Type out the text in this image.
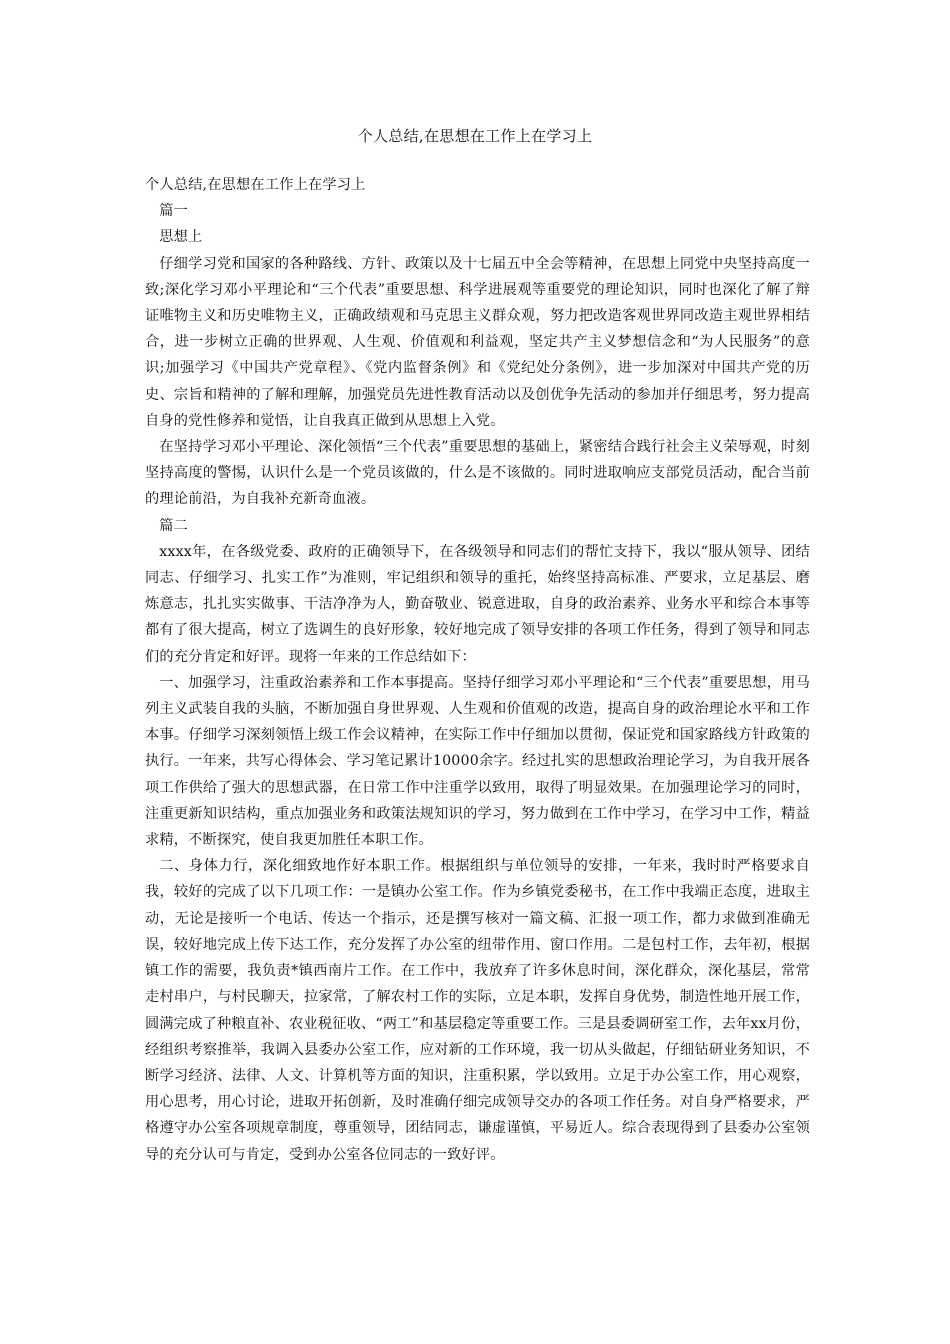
个人总结,在思想在工作上在学习上

个人总结,在思想在工作上在学习上

篇一

思想上

仔细学习党和国家的各种路线、方针、政策以及十七届五中全会等精神，在思想上同党中央坚持高度一致;深化学习邓小平理论和“三个代表”重要思想、科学进展观等重要党的理论知识，同时也深化了解了辩证唯物主义和历史唯物主义，正确政绩观和马克思主义群众观，努力把改造客观世界同改造主观世界相结合，进一步树立正确的世界观、人生观、价值观和利益观，坚定共产主义梦想信念和“为人民服务”的意识;加强学习《中国共产党章程》、《党内监督条例》和《党纪处分条例》，进一步加深对中国共产党的历史、宗旨和精神的了解和理解，加强党员先进性教育活动以及创优争先活动的参加并仔细思考，努力提高自身的党性修养和觉悟，让自我真正做到从思想上入党。

在坚持学习邓小平理论、深化领悟“三个代表”重要思想的基础上，紧密结合践行社会主义荣辱观，时刻坚持高度的警惕，认识什么是一个党员该做的，什么是不该做的。同时进取响应支部党员活动，配合当前的理论前沿，为自我补充新奇血液。

篇二

xxxx年，在各级党委、政府的正确领导下，在各级领导和同志们的帮忙支持下，我以“服从领导、团结同志、仔细学习、扎实工作”为准则，牢记组织和领导的重托，始终坚持高标准、严要求，立足基层、磨炼意志，扎扎实实做事、干洁净净为人，勤奋敬业、锐意进取，自身的政治素养、业务水平和综合本事等都有了很大提高，树立了选调生的良好形象，较好地完成了领导安排的各项工作任务，得到了领导和同志们的充分肯定和好评。现将一年来的工作总结如下：

一、加强学习，注重政治素养和工作本事提高。坚持仔细学习邓小平理论和“三个代表”重要思想，用马列主义武装自我的头脑，不断加强自身世界观、人生观和价值观的改造，提高自身的政治理论水平和工作本事。仔细学习深刻领悟上级工作会议精神，在实际工作中仔细加以贯彻，保证党和国家路线方针政策的执行。一年来，共写心得体会、学习笔记累计10000余字。经过扎实的思想政治理论学习，为自我开展各项工作供给了强大的思想武器，在日常工作中注重学以致用，取得了明显效果。在加强理论学习的同时，注重更新知识结构，重点加强业务和政策法规知识的学习，努力做到在工作中学习，在学习中工作，精益求精，不断探究，使自我更加胜任本职工作。

二、身体力行，深化细致地作好本职工作。根据组织与单位领导的安排，一年来，我时时严格要求自我，较好的完成了以下几项工作：一是镇办公室工作。作为乡镇党委秘书，在工作中我端正态度，进取主动，无论是接听一个电话、传达一个指示，还是撰写核对一篇文稿、汇报一项工作，都力求做到准确无误，较好地完成上传下达工作，充分发挥了办公室的纽带作用、窗口作用。二是包村工作，去年初，根据镇工作的需要，我负责*镇西南片工作。在工作中，我放弃了许多休息时间，深化群众，深化基层，常常走村串户，与村民聊天，拉家常，了解农村工作的实际，立足本职，发挥自身优势，制造性地开展工作，圆满完成了种粮直补、农业税征收、“两工”和基层稳定等重要工作。三是县委调研室工作，去年xx月份，经组织考察推举，我调入县委办公室工作，应对新的工作环境，我一切从头做起，仔细钻研业务知识，不断学习经济、法律、人文、计算机等方面的知识，注重积累，学以致用。立足于办公室工作，用心观察，用心思考，用心讨论，进取开拓创新，及时准确仔细完成领导交办的各项工作任务。对自身严格要求，严格遵守办公室各项规章制度，尊重领导，团结同志，谦虚谨慎，平易近人。综合表现得到了县委办公室领导的充分认可与肯定，受到办公室各位同志的一致好评。
